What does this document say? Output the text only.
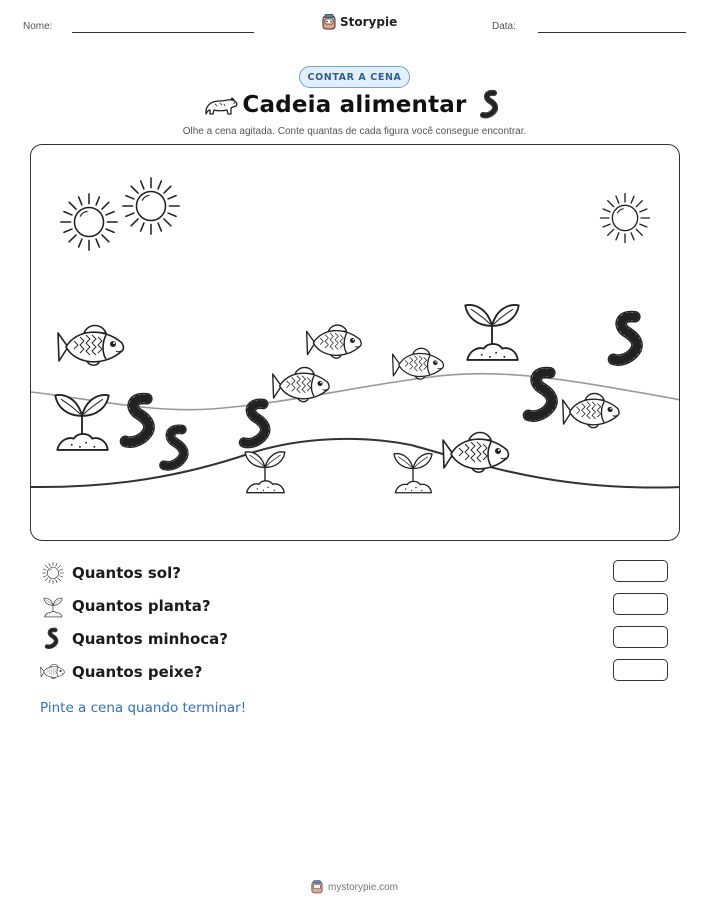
Nome:	Storypie	Data:
CONTAR A CENA
Cadeia alimentar
Olhe a cena agitada. Conte quantas de cada figura você consegue encontrar.
Quantos sol?
Quantos planta?
Quantos minhoca?
Quantos peixe?
Pinte a cena quando terminar!
mystorypie.com
